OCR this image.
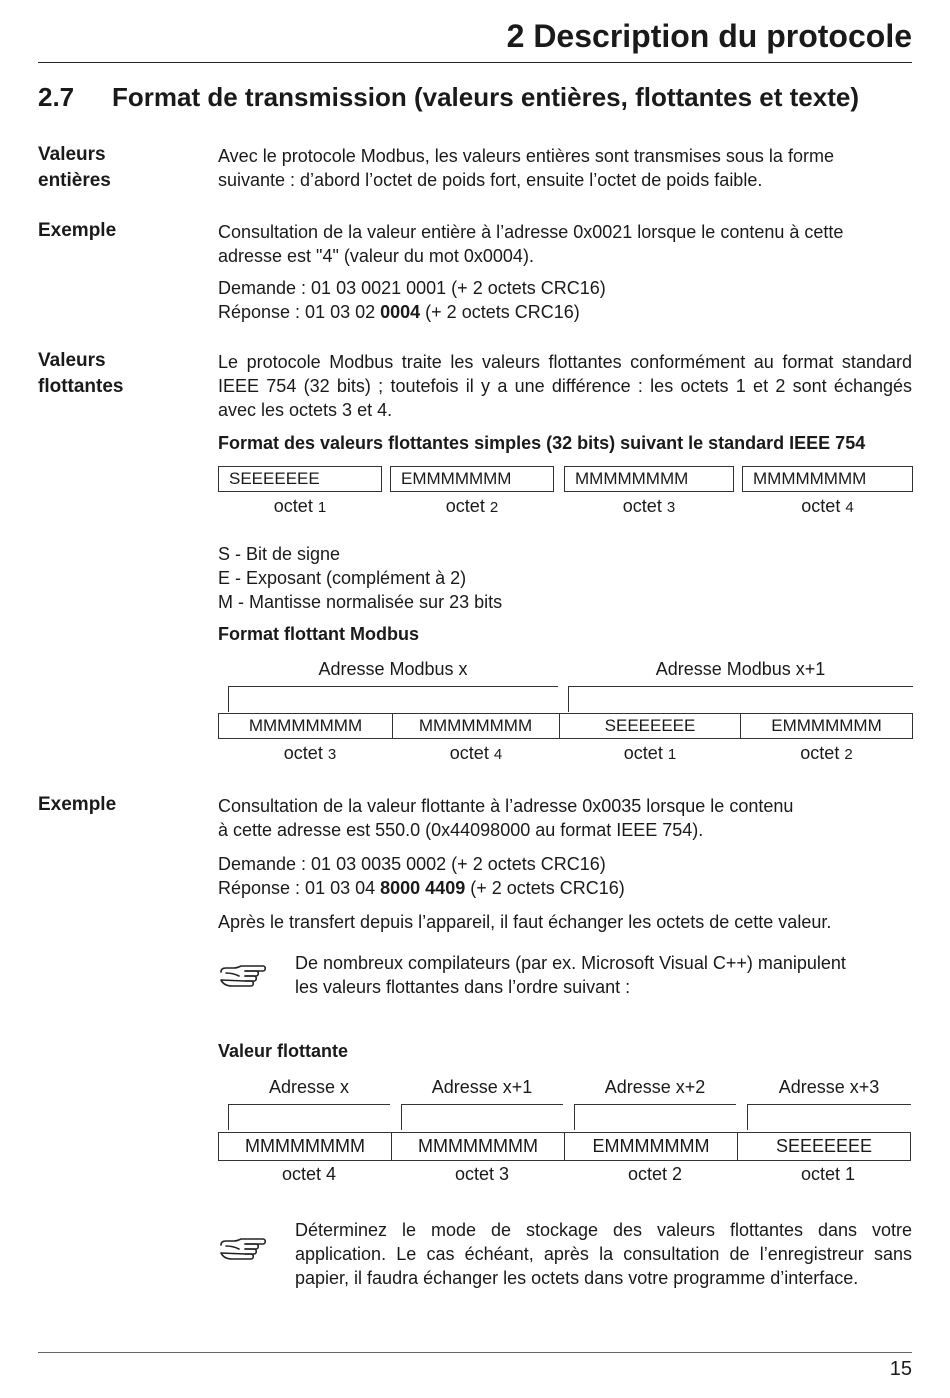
2 Description du protocole
2.7 Format de transmission (valeurs entières, flottantes et texte)
Valeurs
entières
Avec le protocole Modbus, les valeurs entières sont transmises sous la forme
suivante : d’abord l’octet de poids fort, ensuite l’octet de poids faible.
Exemple	Consultation de la valeur entière à l’adresse 0x0021 lorsque le contenu à cette
adresse est "4" (valeur du mot 0x0004).
Demande : 01 03 0021 0001 (+ 2 octets CRC16)
Réponse : 01 03 02 0004 (+ 2 octets CRC16)
Valeurs
flottantes
Le protocole Modbus traite les valeurs flottantes conformément au format standard IEEE 754 (32 bits) ; toutefois il y a une différence : les octets 1 et 2 sont échangés avec les octets 3 et 4.
Format des valeurs flottantes simples (32 bits) suivant le standard IEEE 754
SEEEEEEE	EMMMMMMM	MMMMMMMM	MMMMMMMM
octet 1	octet 2	octet 3	octet 4
S - Bit de signe
E - Exposant (complément à 2)
M - Mantisse normalisée sur 23 bits
Format flottant Modbus
Adresse Modbus x	Adresse Modbus x+1
MMMMMMMM	MMMMMMMM	SEEEEEEE	EMMMMMMM
octet 3	octet 4	octet 1	octet 2
Exemple	Consultation de la valeur flottante à l’adresse 0x0035 lorsque le contenu
à cette adresse est 550.0 (0x44098000 au format IEEE 754).
Demande : 01 03 0035 0002 (+ 2 octets CRC16)
Réponse : 01 03 04 8000 4409 (+ 2 octets CRC16)
Après le transfert depuis l’appareil, il faut échanger les octets de cette valeur.
De nombreux compilateurs (par ex. Microsoft Visual C++) manipulent
les valeurs flottantes dans l’ordre suivant :
Valeur flottante
Adresse x	Adresse x+1	Adresse x+2	Adresse x+3
MMMMMMMM	MMMMMMMM	EMMMMMMM	SEEEEEEE
octet 4	octet 3	octet 2	octet 1
Déterminez le mode de stockage des valeurs flottantes dans votre application. Le cas échéant, après la consultation de l’enregistreur sans papier, il faudra échanger les octets dans votre programme d’interface.
15
